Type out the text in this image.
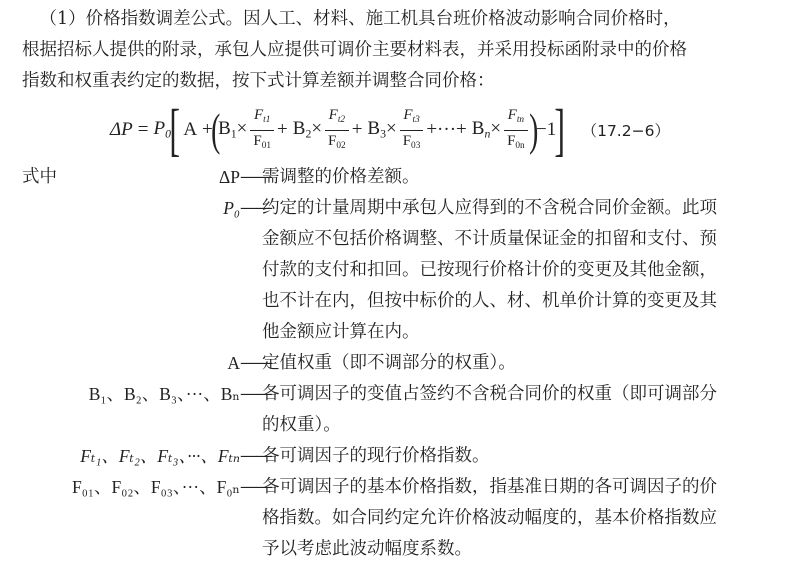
（1）价格指数调差公式。因人工、材料、施工机具台班价格波动影响合同价格时，

根据招标人提供的附录，承包人应提供可调价主要材料表，并采用投标函附录中的价格
指数和权重表约定的数据，按下式计算差额并调整合同价格：
$\Delta P = P_0$
[ A +
(
$B_1\times \frac{F_{t1}}{F_{01}} + B_2\times \frac{F_{t2}}{F_{02}} + B_3\times \frac{F_{t3}}{F_{03}}$ +···+ $B_n\times \frac{F_{tn}}{F_{0n}}$ )
−1
] （17.2−6）
式中	ΔP ——
需调整的价格差额。
P₀ ——
约定的计量周期中承包人应得到的不含税合同价金额。此项
金额应不包括价格调整、不计质量保证金的扣留和支付、预
付款的支付和扣回。已按现行价格计价的变更及其他金额，
也不计在内，但按中标价的人、材、机单价计算的变更及其
他金额应计算在内。
A ——
定值权重（即不调部分的权重）。
B₁、B₂、B₃、···、Bₙ ——
各可调因子的变值占签约不含税合同价的权重（即可调部分
的权重）。
Fₜ₁、Fₜ₂、Fₜ₃、···、Fₜₙ ——
各可调因子的现行价格指数。
F₀₁、F₀₂、F₀₃、···、F₀ₙ ——
各可调因子的基本价格指数，指基准日期的各可调因子的价
格指数。如合同约定允许价格波动幅度的，基本价格指数应
予以考虑此波动幅度系数。
